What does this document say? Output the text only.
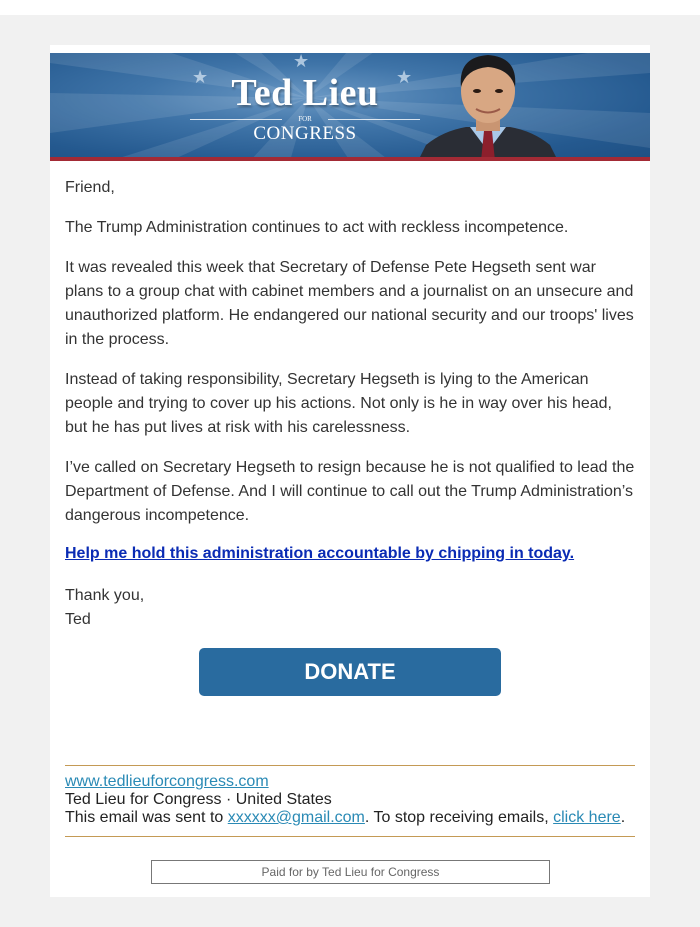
★
★
★
Ted Lieu
FOR
CONGRESS
Friend,
The Trump Administration continues to act with reckless incompetence.
It was revealed this week that Secretary of Defense Pete Hegseth sent war plans to a group chat with cabinet members and a journalist on an unsecure and unauthorized platform. He endangered our national security and our troops' lives in the process.
Instead of taking responsibility, Secretary Hegseth is lying to the American people and trying to cover up his actions. Not only is he in way over his head, but he has put lives at risk with his carelessness.
I’ve called on Secretary Hegseth to resign because he is not qualified to lead the Department of Defense. And I will continue to call out the Trump Administration’s dangerous incompetence.
Help me hold this administration accountable by chipping in today.
Thank you,
Ted
DONATE
www.tedlieuforcongress.com
Ted Lieu for Congress · United States
This email was sent to xxxxxx@gmail.com. To stop receiving emails, click here.
Paid for by Ted Lieu for Congress
